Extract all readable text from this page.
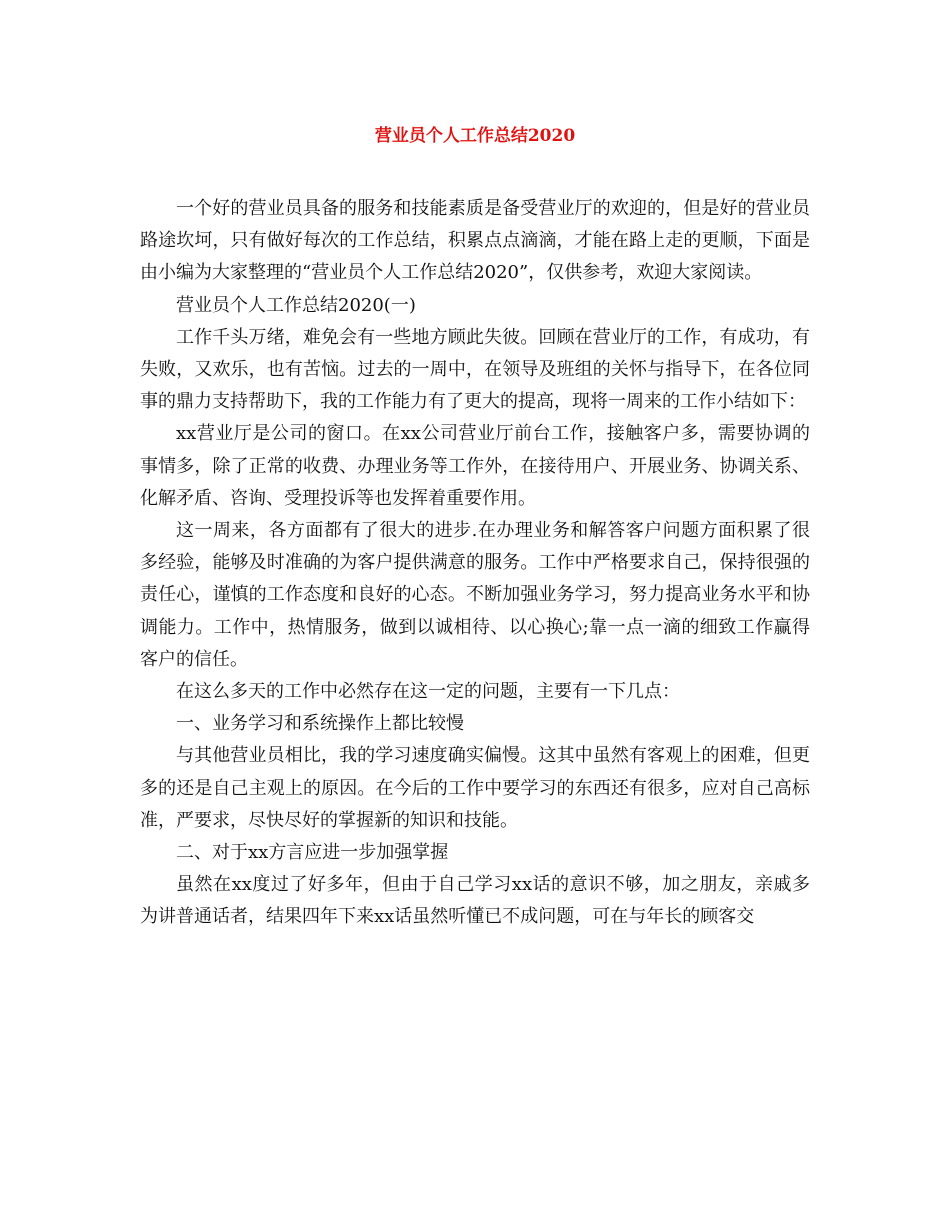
营业员个人工作总结2020

一个好的营业员具备的服务和技能素质是备受营业厅的欢迎的，但是好的营业员路途坎坷，只有做好每次的工作总结，积累点点滴滴，才能在路上走的更顺，下面是由小编为大家整理的“营业员个人工作总结2020”，仅供参考，欢迎大家阅读。

营业员个人工作总结2020(一)

工作千头万绪，难免会有一些地方顾此失彼。回顾在营业厅的工作，有成功，有失败，又欢乐，也有苦恼。过去的一周中，在领导及班组的关怀与指导下，在各位同事的鼎力支持帮助下，我的工作能力有了更大的提高，现将一周来的工作小结如下：

xx营业厅是公司的窗口。在xx公司营业厅前台工作，接触客户多，需要协调的事情多，除了正常的收费、办理业务等工作外，在接待用户、开展业务、协调关系、化解矛盾、咨询、受理投诉等也发挥着重要作用。

这一周来，各方面都有了很大的进步.在办理业务和解答客户问题方面积累了很多经验，能够及时准确的为客户提供满意的服务。工作中严格要求自己，保持很强的责任心，谨慎的工作态度和良好的心态。不断加强业务学习，努力提高业务水平和协调能力。工作中，热情服务，做到以诚相待、以心换心;靠一点一滴的细致工作赢得客户的信任。

在这么多天的工作中必然存在这一定的问题，主要有一下几点：

一、业务学习和系统操作上都比较慢

与其他营业员相比，我的学习速度确实偏慢。这其中虽然有客观上的困难，但更多的还是自己主观上的原因。在今后的工作中要学习的东西还有很多，应对自己高标准，严要求，尽快尽好的掌握新的知识和技能。

二、对于xx方言应进一步加强掌握

虽然在xx度过了好多年，但由于自己学习xx话的意识不够，加之朋友，亲戚多为讲普通话者，结果四年下来xx话虽然听懂已不成问题，可在与年长的顾客交
